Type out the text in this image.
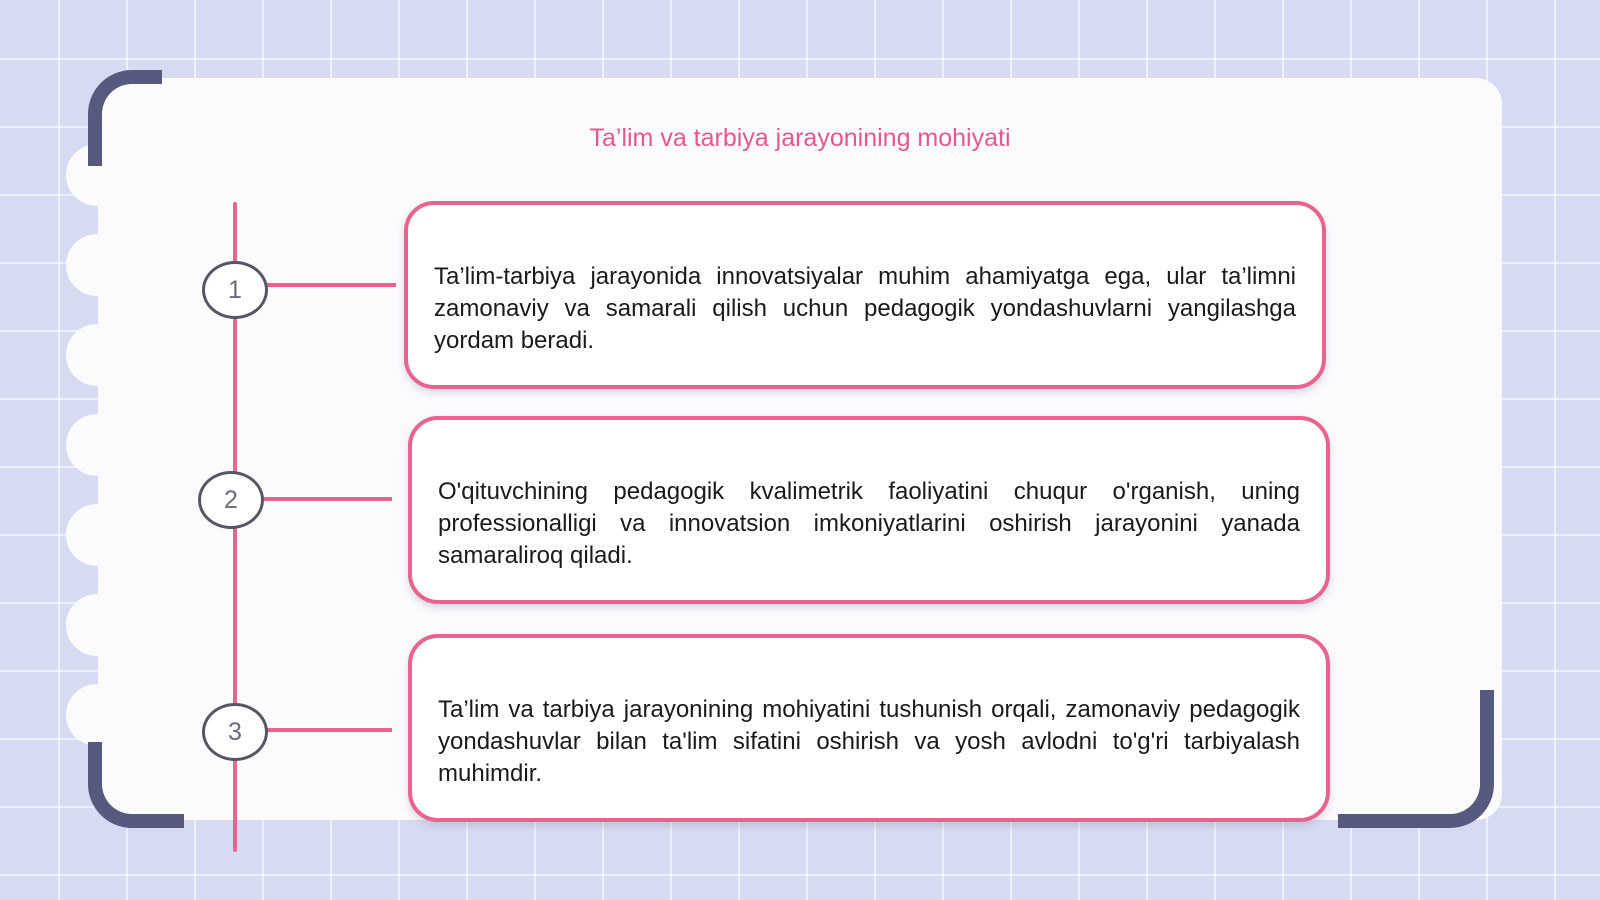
Ta’lim va tarbiya jarayonining mohiyati
1	Ta’lim-tarbiya jarayonida innovatsiyalar muhim ahamiyatga ega, ular ta’limni zamonaviy va samarali qilish uchun pedagogik yondashuvlarni yangilashga yordam beradi.
2	O'qituvchining pedagogik kvalimetrik faoliyatini chuqur o'rganish, uning professionalligi va innovatsion imkoniyatlarini oshirish jarayonini yanada samaraliroq qiladi.
3
Ta’lim va tarbiya jarayonining mohiyatini tushunish orqali, zamonaviy pedagogik yondashuvlar bilan ta'lim sifatini oshirish va yosh avlodni to'g'ri tarbiyalash muhimdir.
